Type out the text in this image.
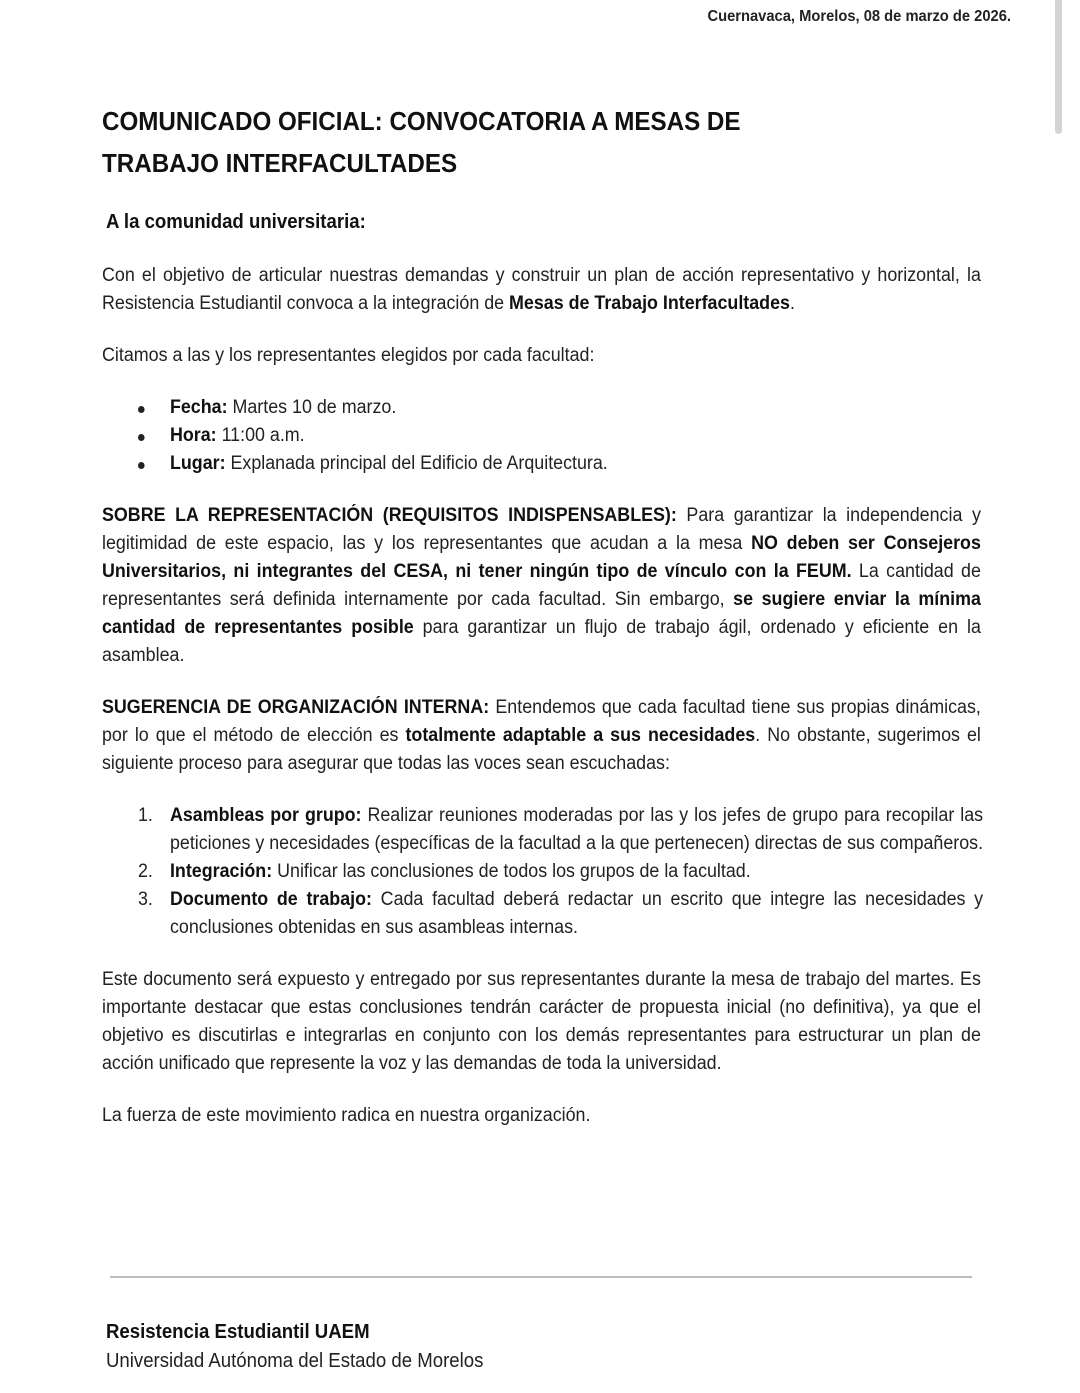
Cuernavaca, Morelos, 08 de marzo de 2026.
COMUNICADO OFICIAL: CONVOCATORIA A MESAS DE
TRABAJO INTERFACULTADES
A la comunidad universitaria:

Con el objetivo de articular nuestras demandas y construir un plan de acción representativo y horizontal, la Resistencia Estudiantil convoca a la integración de Mesas de Trabajo Interfacultades.

Citamos a las y los representantes elegidos por cada facultad:

Fecha: Martes 10 de marzo.
Hora: 11:00 a.m.
Lugar: Explanada principal del Edificio de Arquitectura.

SOBRE LA REPRESENTACIÓN (REQUISITOS INDISPENSABLES): Para garantizar la independencia y legitimidad de este espacio, las y los representantes que acudan a la mesa NO deben ser Consejeros Universitarios, ni integrantes del CESA, ni tener ningún tipo de vínculo con la FEUM. La cantidad de representantes será definida internamente por cada facultad. Sin embargo, se sugiere enviar la mínima cantidad de representantes posible para garantizar un flujo de trabajo ágil, ordenado y eficiente en la asamblea.

SUGERENCIA DE ORGANIZACIÓN INTERNA: Entendemos que cada facultad tiene sus propias dinámicas, por lo que el método de elección es totalmente adaptable a sus necesidades. No obstante, sugerimos el siguiente proceso para asegurar que todas las voces sean escuchadas:

1. Asambleas por grupo: Realizar reuniones moderadas por las y los jefes de grupo para recopilar las peticiones y necesidades (específicas de la facultad a la que pertenecen) directas de sus compañeros.
2. Integración: Unificar las conclusiones de todos los grupos de la facultad.
3. Documento de trabajo: Cada facultad deberá redactar un escrito que integre las necesidades y conclusiones obtenidas en sus asambleas internas.

Este documento será expuesto y entregado por sus representantes durante la mesa de trabajo del martes. Es importante destacar que estas conclusiones tendrán carácter de propuesta inicial (no definitiva), ya que el objetivo es discutirlas e integrarlas en conjunto con los demás representantes para estructurar un plan de acción unificado que represente la voz y las demandas de toda la universidad.

La fuerza de este movimiento radica en nuestra organización.

Resistencia Estudiantil UAEM
Universidad Autónoma del Estado de Morelos
